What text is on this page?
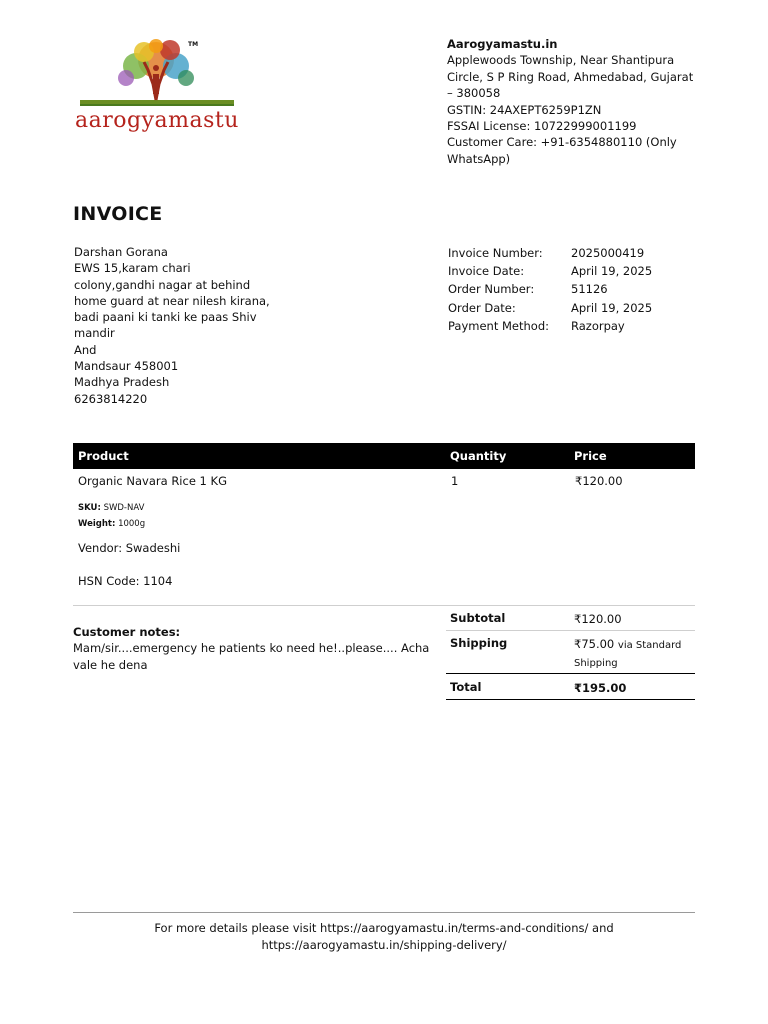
TM
aarogyamastu
Aarogyamastu.in
Applewoods Township, Near Shantipura Circle, S P Ring Road, Ahmedabad, Gujarat – 380058
GSTIN: 24AXEPT6259P1ZN
FSSAI License: 10722999001199
Customer Care: +91-6354880110 (Only WhatsApp)
INVOICE
Darshan Gorana
EWS 15,karam chari colony,gandhi nagar at behind home guard at near nilesh kirana, badi paani ki tanki ke paas Shiv mandir
And
Mandsaur 458001
Madhya Pradesh
6263814220
Invoice Number:	2025000419
Invoice Date:	April 19, 2025
Order Number:	51126
Order Date:	April 19, 2025
Payment Method:	Razorpay
Product	Quantity	Price
Organic Navara Rice 1 KG	1	₹120.00
SKU: SWD-NAV
Weight: 1000g
Vendor: Swadeshi
HSN Code: 1104
Customer notes:
Mam/sir....emergency he patients ko need he!..please.... Acha vale he dena
Subtotal	₹120.00
Shipping	₹75.00 via Standard Shipping
Total	₹195.00
For more details please visit https://aarogyamastu.in/terms-and-conditions/ and https://aarogyamastu.in/shipping-delivery/
